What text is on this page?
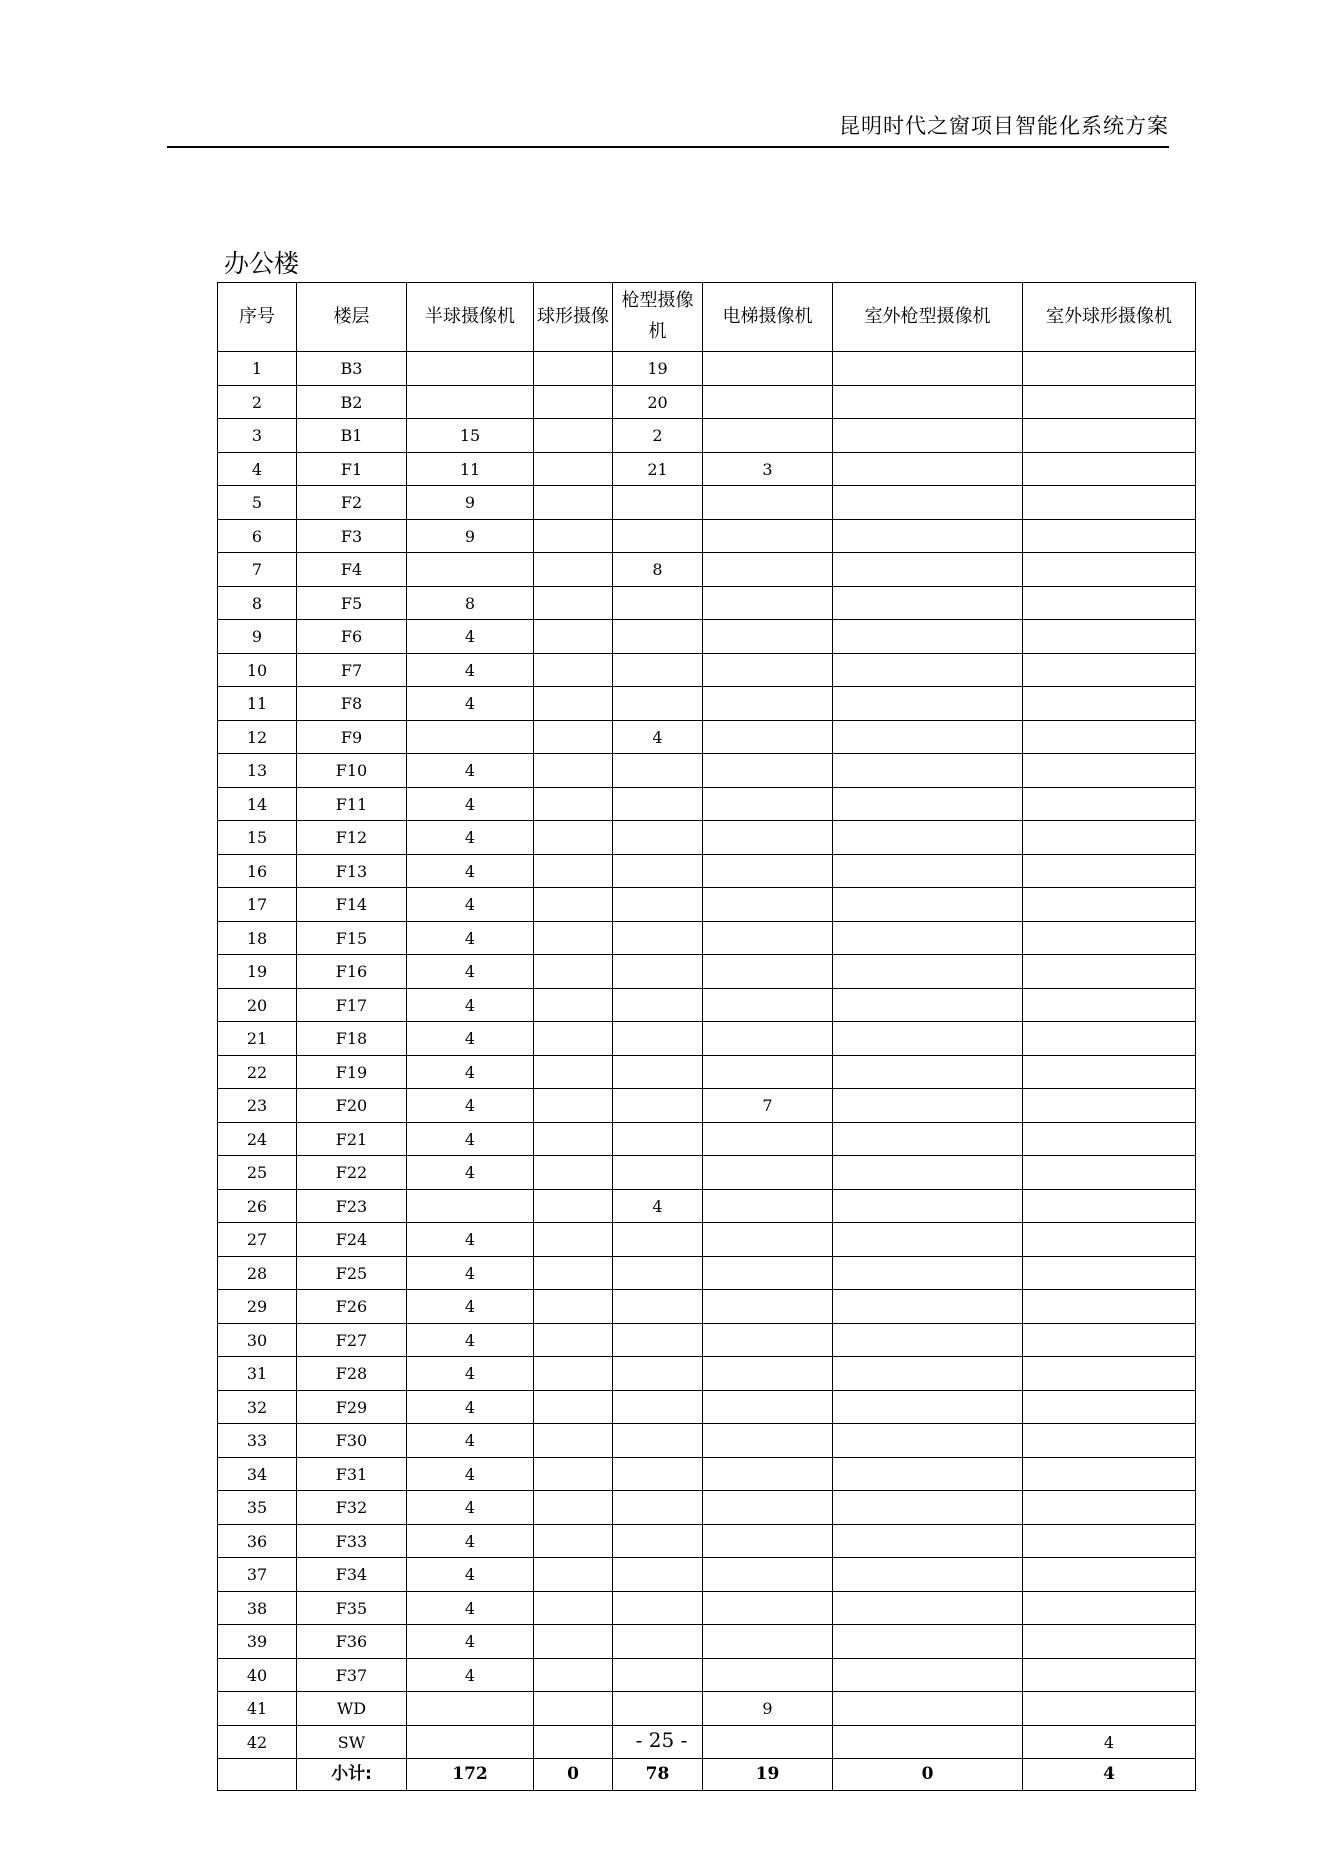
昆明时代之窗项目智能化系统方案
办公楼
序号	楼层	半球摄像机	球形摄像	枪型摄像机	电梯摄像机	室外枪型摄像机	室外球形摄像机
1	B3			19			
2	B2			20			
3	B1	15		2			
4	F1	11		21	3		
5	F2	9					
6	F3	9					
7	F4			8			
8	F5	8					
9	F6	4					
10	F7	4					
11	F8	4					
12	F9			4			
13	F10	4					
14	F11	4					
15	F12	4					
16	F13	4					
17	F14	4					
18	F15	4					
19	F16	4					
20	F17	4					
21	F18	4					
22	F19	4					
23	F20	4			7		
24	F21	4					
25	F22	4					
26	F23			4			
27	F24	4					
28	F25	4					
29	F26	4					
30	F27	4					
31	F28	4					
32	F29	4					
33	F30	4					
34	F31	4					
35	F32	4					
36	F33	4					
37	F34	4					
38	F35	4					
39	F36	4					
40	F37	4					
41	WD				9		
42	SW						4
	小计:	172	0	78	19	0	4
- 25 -
